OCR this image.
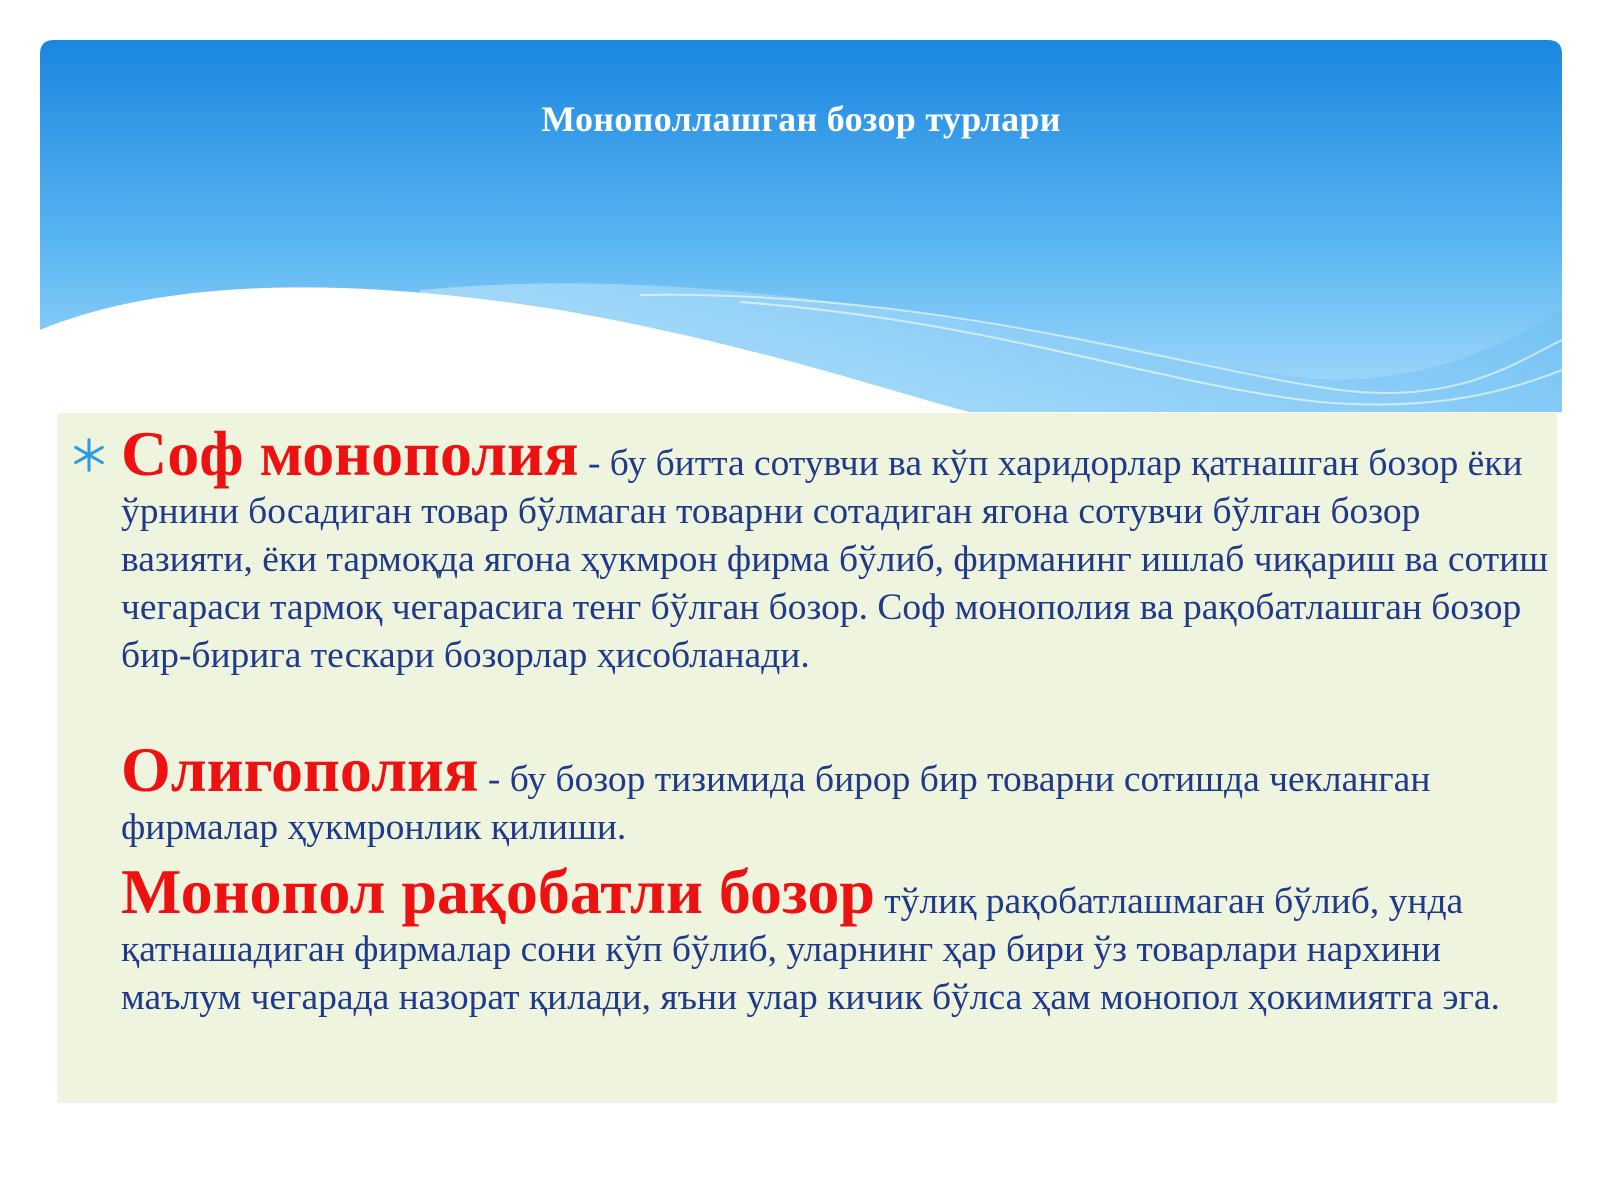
Монополлашган бозор турлари

Соф монополия - бу битта сотувчи ва кўп харидорлар қатнашган бозор ёки ўрнини босадиган товар бўлмаган товарни сотадиган ягона сотувчи бўлган бозор вазияти, ёки тармоқда ягона ҳукмрон фирма бўлиб, фирманинг ишлаб чиқариш ва сотиш чегараси тармоқ чегарасига тенг бўлган бозор. Соф монополия ва рақобатлашган бозор бир-бирига тескари бозорлар ҳисобланади.

Олигополия - бу бозор тизимида бирор бир товарни сотишда чекланган фирмалар ҳукмронлик қилиши.

Монопол рақобатли бозор тўлиқ рақобатлашмаган бўлиб, унда қатнашадиган фирмалар сони кўп бўлиб, уларнинг ҳар бири ўз товарлари нархини маълум чегарада назорат қилади, яъни улар кичик бўлса ҳам монопол ҳокимиятга эга.
